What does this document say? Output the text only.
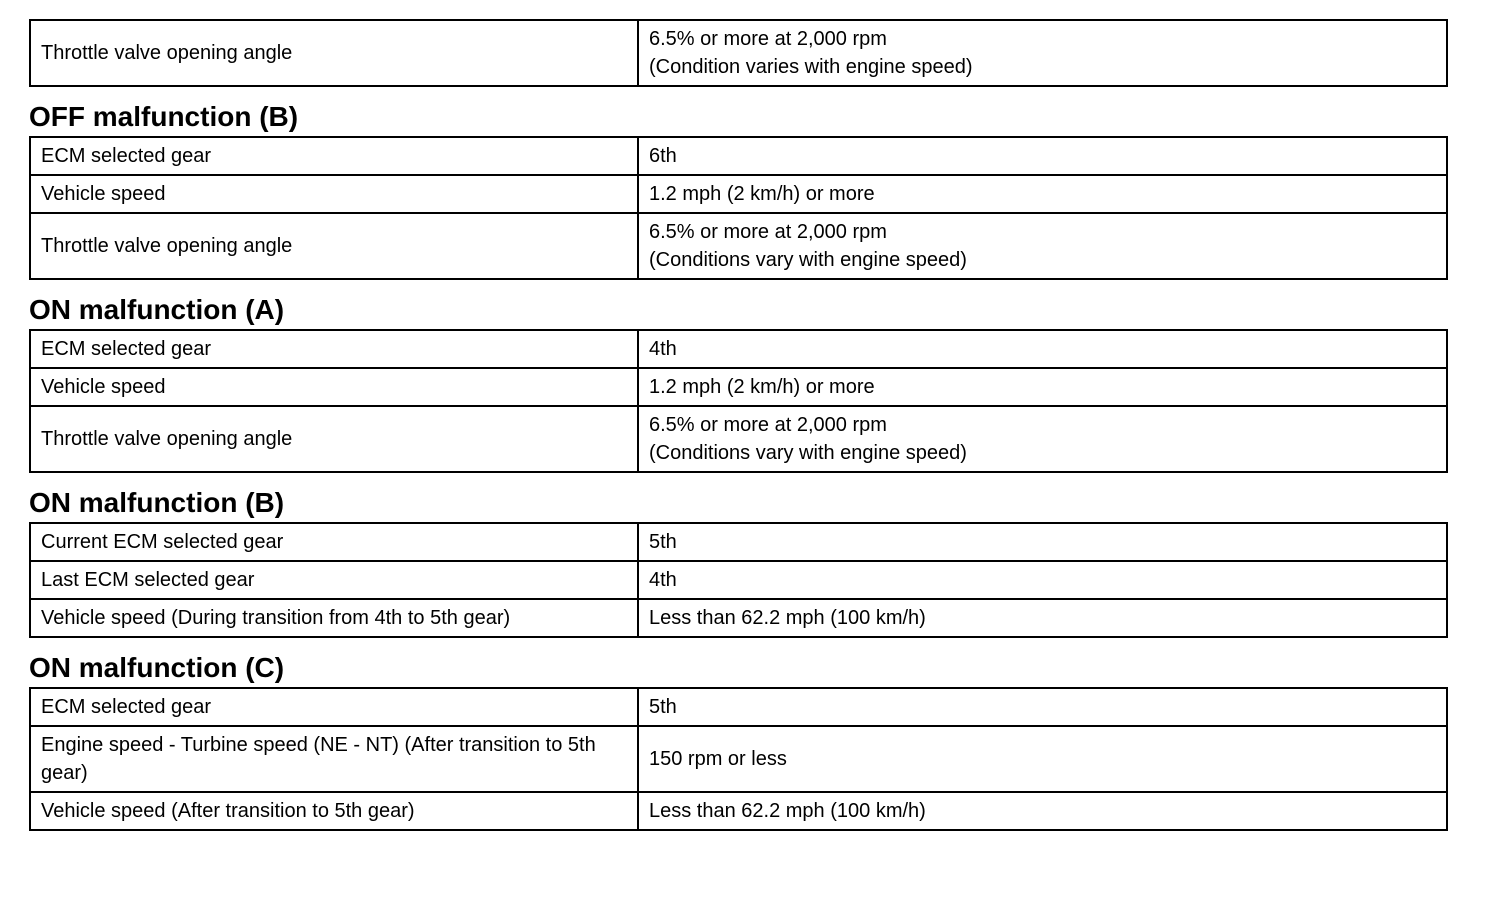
Throttle valve opening angle	6.5% or more at 2,000 rpm
(Condition varies with engine speed)
OFF malfunction (B)
ECM selected gear	6th
Vehicle speed	1.2 mph (2 km/h) or more
Throttle valve opening angle	6.5% or more at 2,000 rpm
(Conditions vary with engine speed)
ON malfunction (A)
ECM selected gear	4th
Vehicle speed	1.2 mph (2 km/h) or more
Throttle valve opening angle	6.5% or more at 2,000 rpm
(Conditions vary with engine speed)
ON malfunction (B)
Current ECM selected gear	5th
Last ECM selected gear	4th
Vehicle speed (During transition from 4th to 5th gear)	Less than 62.2 mph (100 km/h)
ON malfunction (C)
ECM selected gear	5th
Engine speed - Turbine speed (NE - NT) (After transition to 5th gear)	150 rpm or less
Vehicle speed (After transition to 5th gear)	Less than 62.2 mph (100 km/h)
